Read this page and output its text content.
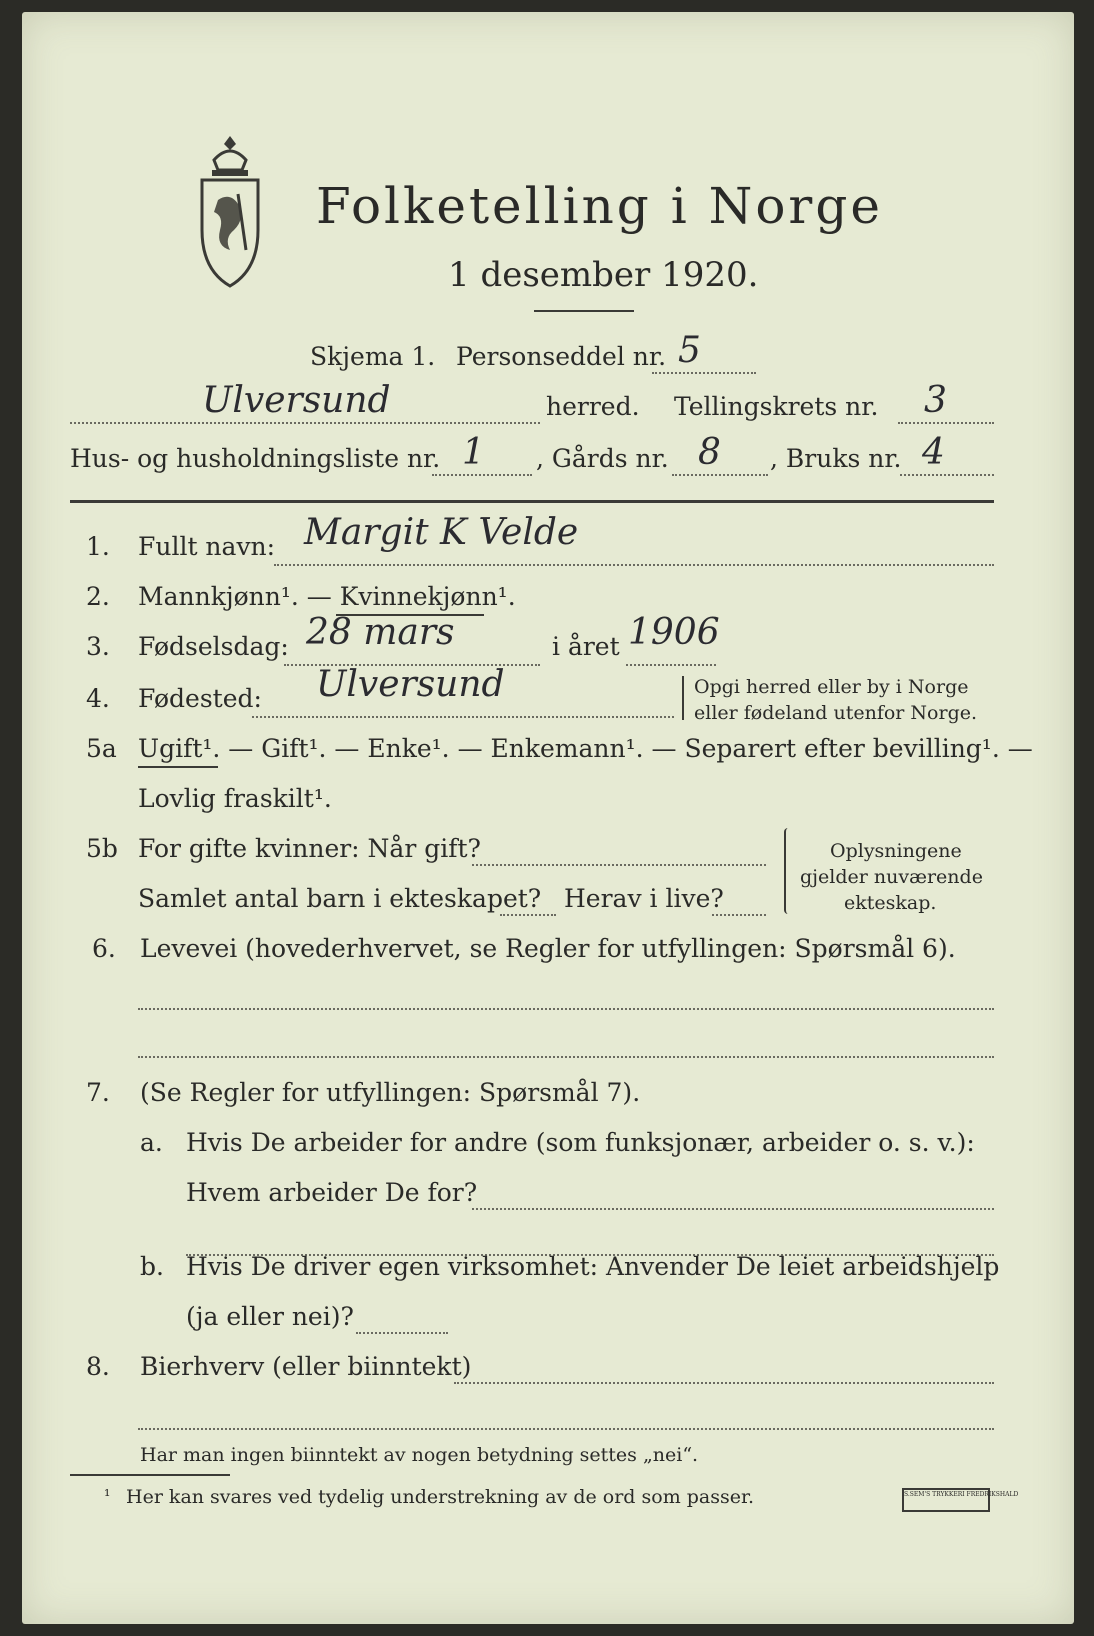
Folketelling i Norge
1 desember 1920.
Skjema 1. Personseddel nr. 5
Ulversund	herred. Tellingskrets nr. 3
Hus- og husholdningsliste nr. 1 , Gårds nr. 8 , Bruks nr. 4
1. Fullt navn: Margit K Velde
2. Mannkjønn¹. — Kvinnekjønn¹.
3. Fødselsdag: 28 mars	i året 1906
4. Fødested: Ulversund	Opgi herred eller by i Norge
eller fødeland utenfor Norge.
5a Ugift¹. — Gift¹. — Enke¹. — Enkemann¹. — Separert efter bevilling¹. —
Lovlig fraskilt¹.
5b For gifte kvinner: Når gift?
Samlet antal barn i ekteskapet? Herav i live?
Oplysningene
gjelder nuværende
ekteskap.
6. Levevei (hovederhvervet, se Regler for utfyllingen: Spørsmål 6).
7. (Se Regler for utfyllingen: Spørsmål 7).
a. Hvis De arbeider for andre (som funksjonær, arbeider o. s. v.):
Hvem arbeider De for?
b. Hvis De driver egen virksomhet: Anvender De leiet arbeidshjelp
(ja eller nei)?
8. Bierhverv (eller biinntekt)
Har man ingen biinntekt av nogen betydning settes „nei“.
¹ Her kan svares ved tydelig understrekning av de ord som passer.	S.SEM'S TRYKKERI FREDRIKSHALD
